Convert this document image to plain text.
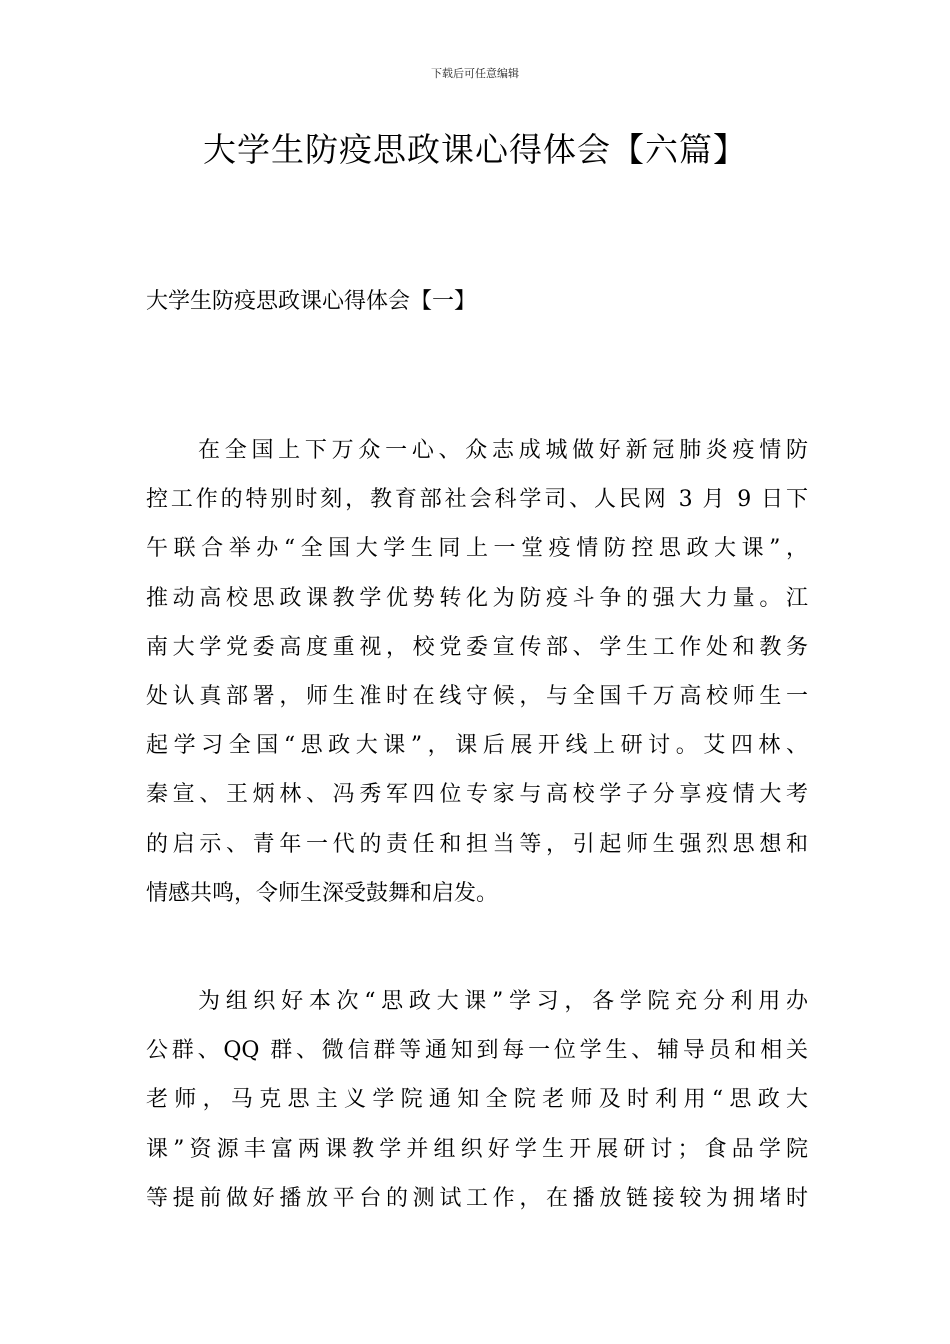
下载后可任意编辑
大学生防疫思政课心得体会【六篇】
大学生防疫思政课心得体会【一】
在全国上下万众一心、众志成城做好新冠肺炎疫情防
控工作的特别时刻，教育部社会科学司、人民网 3 月 9 日下
午联合举办“全国大学生同上一堂疫情防控思政大课”，
推动高校思政课教学优势转化为防疫斗争的强大力量。江
南大学党委高度重视，校党委宣传部、学生工作处和教务
处认真部署，师生准时在线守候，与全国千万高校师生一
起学习全国“思政大课”，课后展开线上研讨。艾四林、
秦宣、王炳林、冯秀军四位专家与高校学子分享疫情大考
的启示、青年一代的责任和担当等，引起师生强烈思想和
情感共鸣，令师生深受鼓舞和启发。
为组织好本次“思政大课”学习，各学院充分利用办
公群、QQ 群、微信群等通知到每一位学生、辅导员和相关
老师，马克思主义学院通知全院老师及时利用“思政大
课”资源丰富两课教学并组织好学生开展研讨；食品学院
等提前做好播放平台的测试工作，在播放链接较为拥堵时
